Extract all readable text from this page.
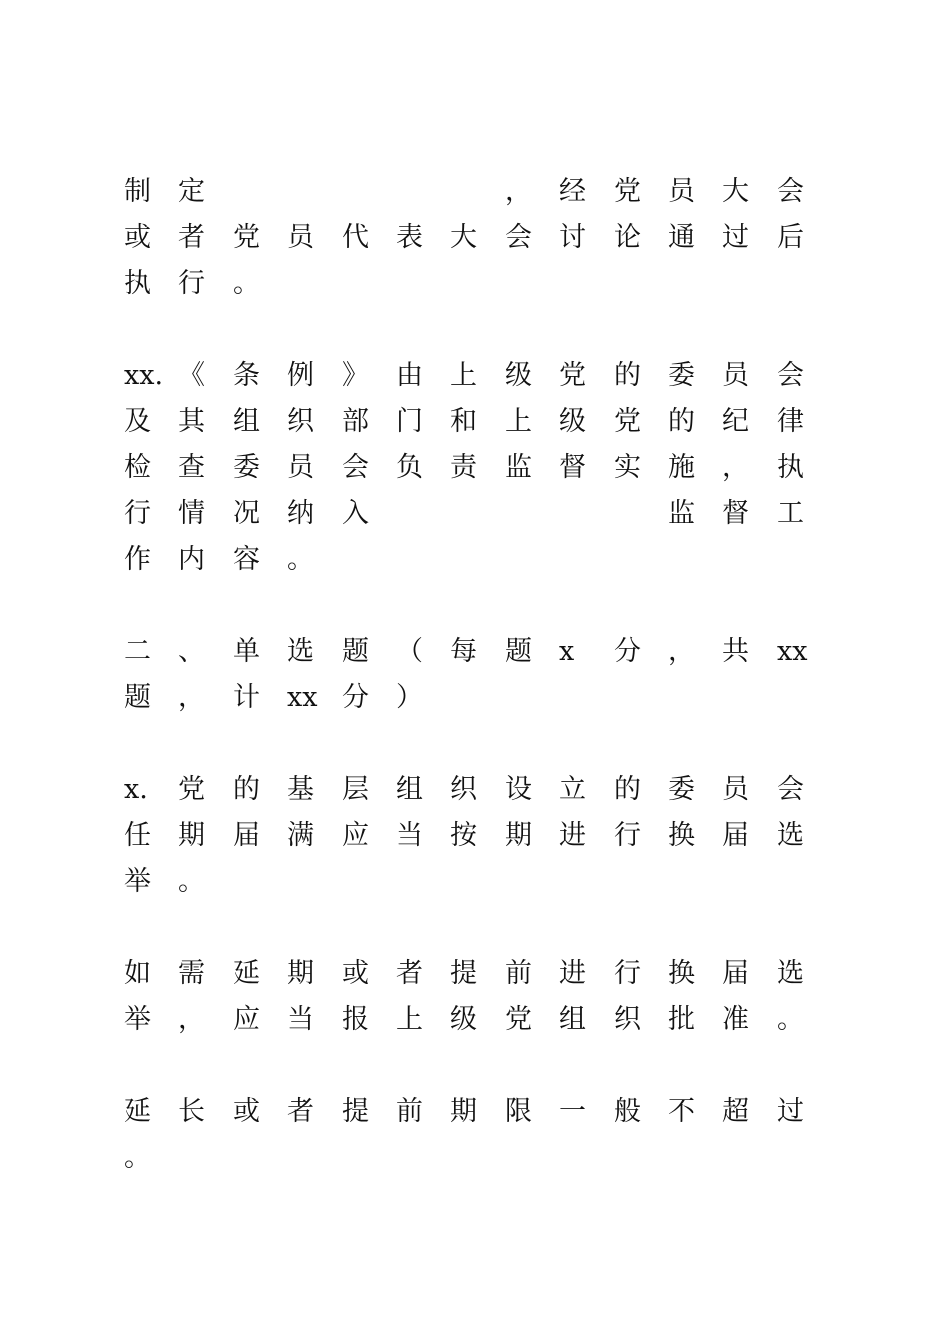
制 定	， 经 党 员 大 会
或 者 党 员 代 表 大 会 讨 论 通 过 后
执 行 。
xx. 《 条 例 》 由 上 级 党 的 委 员 会
及 其 组 织 部 门 和 上 级 党 的 纪 律
检 查 委 员 会 负 责 监 督 实 施 ， 执
行 情 况 纳 入	监 督 工
作 内 容 。
二 、 单 选 题 （ 每 题 x 分 ， 共 xx
题 ， 计 xx 分 ）
x. 党 的 基 层 组 织 设 立 的 委 员 会
任 期 届 满 应 当 按 期 进 行 换 届 选
举 。
如 需 延 期 或 者 提 前 进 行 换 届 选
举 ， 应 当 报 上 级 党 组 织 批 准 。
延 长 或 者 提 前 期 限 一 般 不 超 过
。
